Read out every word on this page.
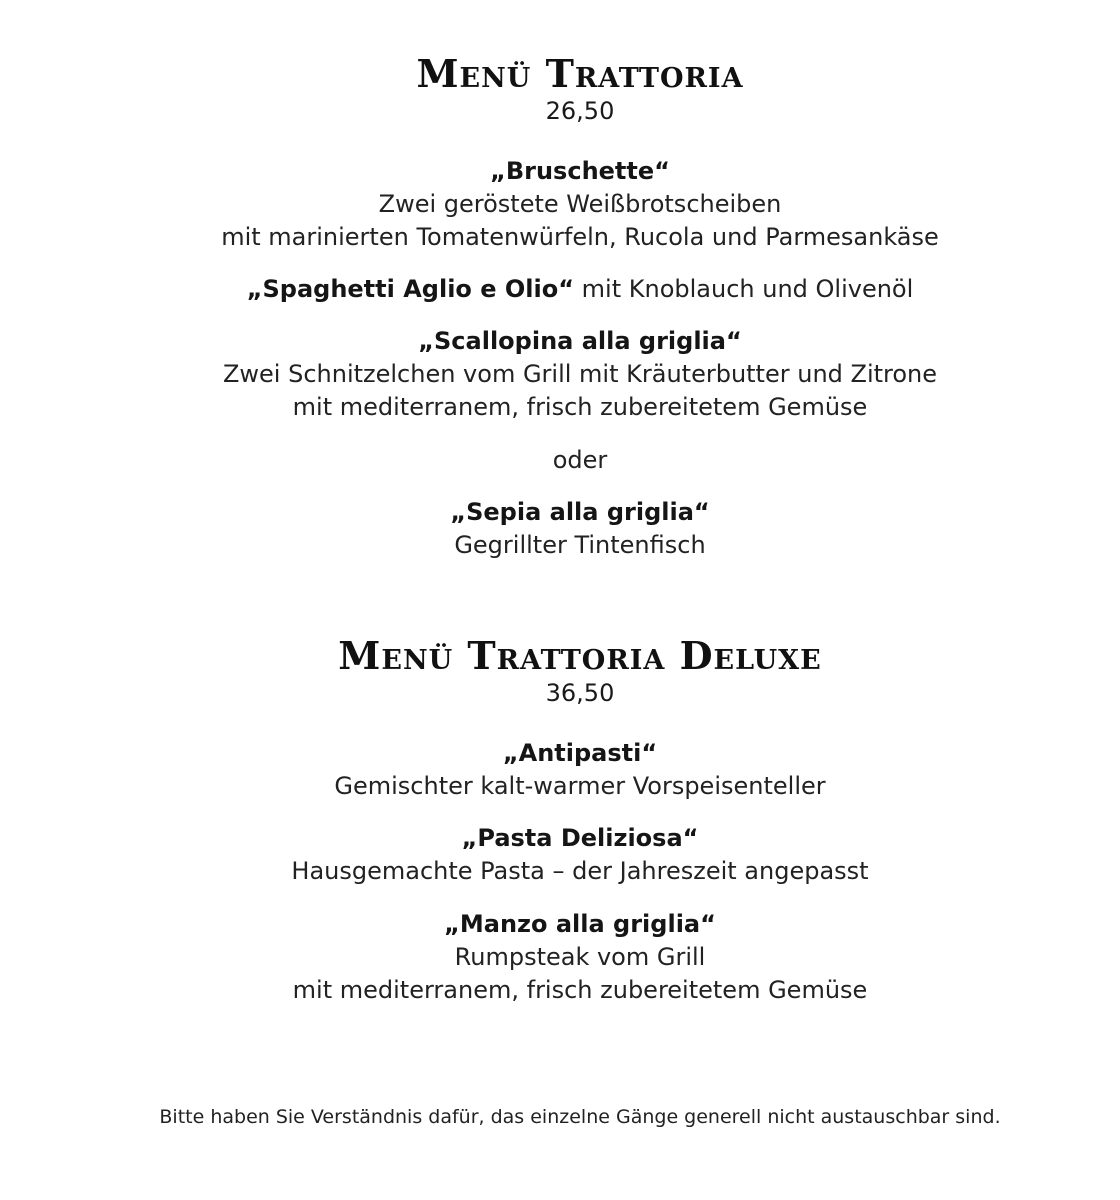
Menü Trattoria
26,50
„Bruschette“
Zwei geröstete Weißbrotscheiben
mit marinierten Tomatenwürfeln, Rucola und Parmesankäse
„Spaghetti Aglio e Olio“ mit Knoblauch und Olivenöl
„Scallopina alla griglia“
Zwei Schnitzelchen vom Grill mit Kräuterbutter und Zitrone
mit mediterranem, frisch zubereitetem Gemüse
oder
„Sepia alla griglia“
Gegrillter Tintenfisch
Menü Trattoria Deluxe
36,50
„Antipasti“
Gemischter kalt-warmer Vorspeisenteller
„Pasta Deliziosa“
Hausgemachte Pasta – der Jahreszeit angepasst
„Manzo alla griglia“
Rumpsteak vom Grill
mit mediterranem, frisch zubereitetem Gemüse
Bitte haben Sie Verständnis dafür, das einzelne Gänge generell nicht austauschbar sind.
